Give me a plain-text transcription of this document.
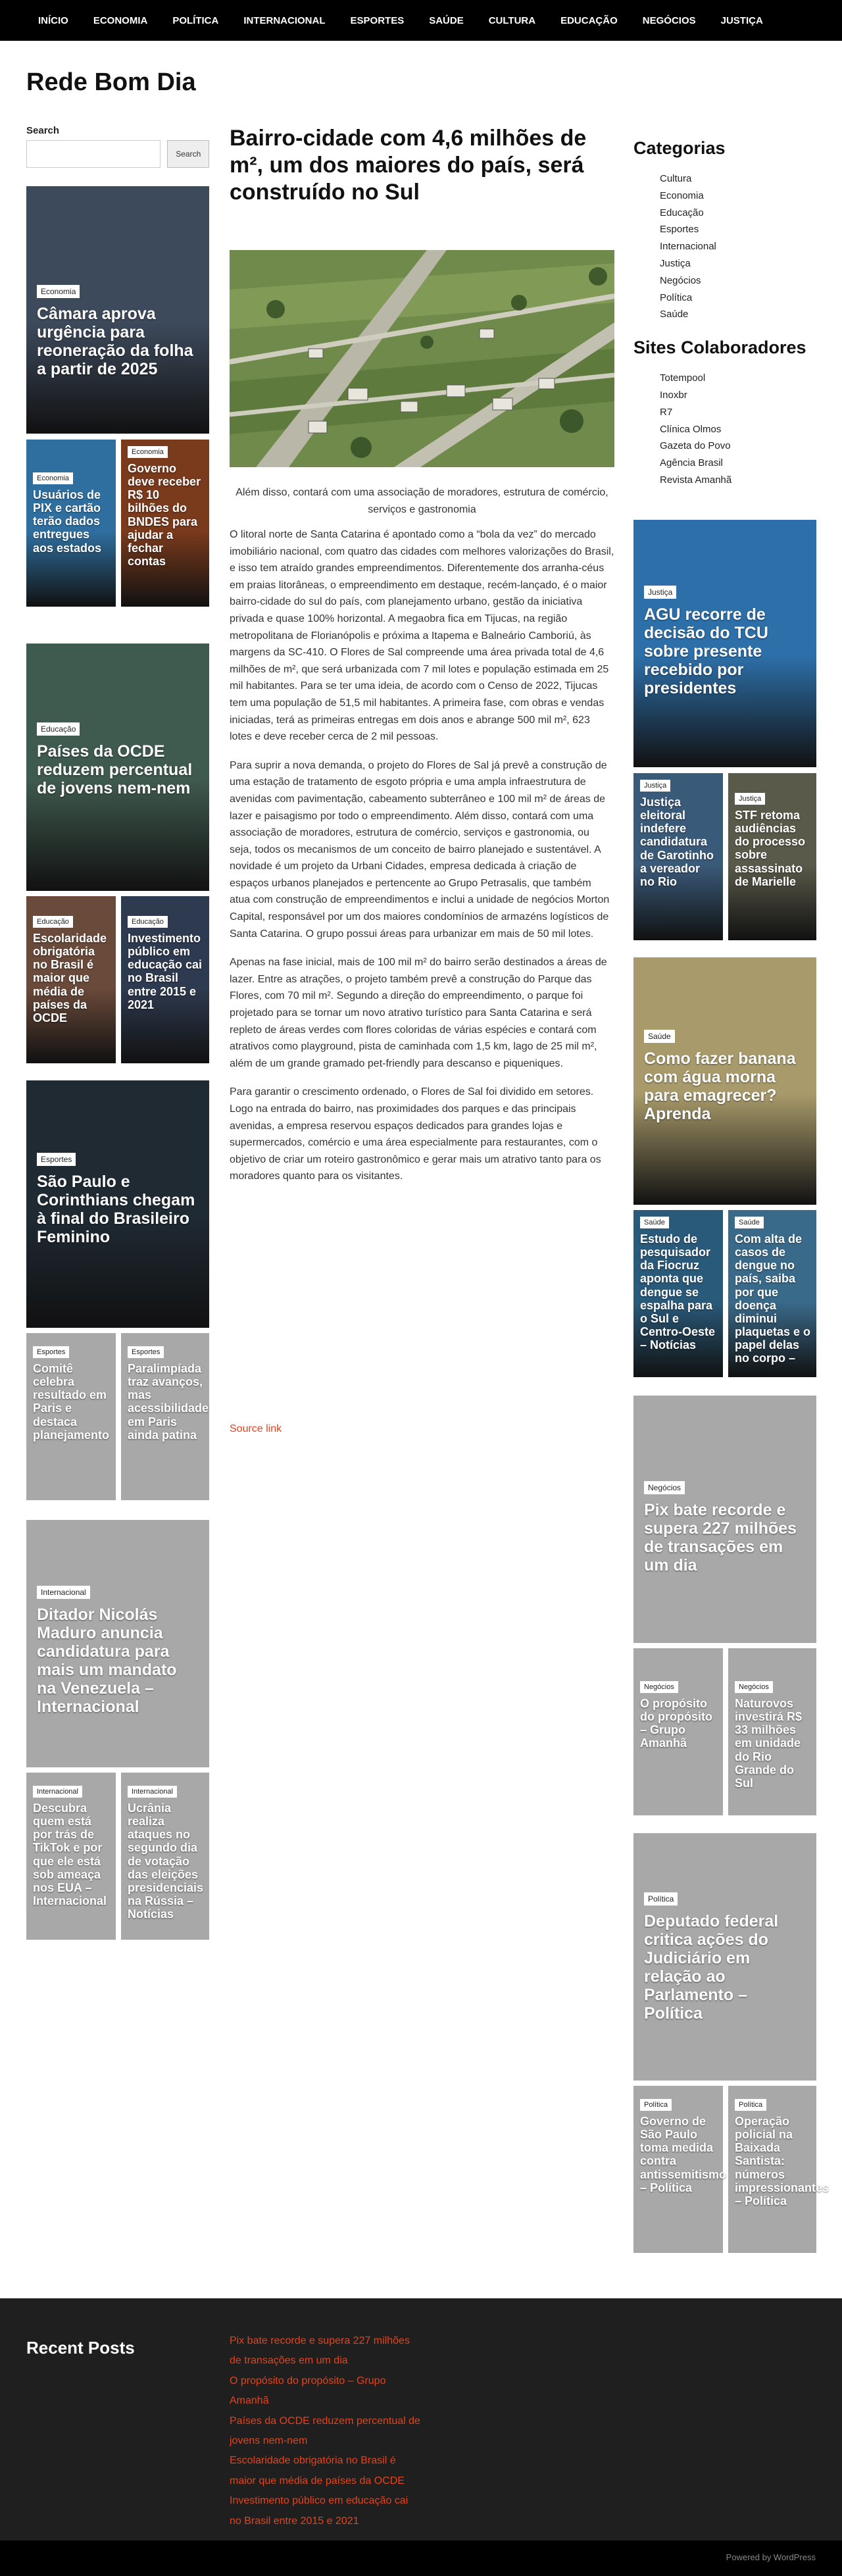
INÍCIO	ECONOMIA	POLÍTICA	INTERNACIONAL	ESPORTES	SAÚDE	CULTURA	EDUCAÇÃO	NEGÓCIOS	JUSTIÇA
Rede Bom Dia
Search
Search
Economia
Câmara aprova urgência para reoneração da folha a partir de 2025
Economia
Usuários de PIX e cartão terão dados entregues aos estados
Economia
Governo deve receber R$ 10 bilhões do BNDES para ajudar a fechar contas
Educação
Países da OCDE reduzem percentual de jovens nem-nem
Educação
Escolaridade obrigatória no Brasil é maior que média de países da OCDE
Educação
Investimento público em educação cai no Brasil entre 2015 e 2021
Esportes
São Paulo e Corinthians chegam à final do Brasileiro Feminino
Esportes
Comitê celebra resultado em Paris e destaca planejamento
Esportes
Paralimpíada traz avanços, mas acessibilidade em Paris ainda patina
Internacional
Ditador Nicolás Maduro anuncia candidatura para mais um mandato na Venezuela – Internacional
Internacional
Descubra quem está por trás de TikTok e por que ele está sob ameaça nos EUA – Internacional
Internacional
Ucrânia realiza ataques no segundo dia de votação das eleições presidenciais na Rússia – Notícias
Bairro-cidade com 4,6 milhões de m², um dos maiores do país, será construído no Sul

Além disso, contará com uma associação de moradores, estrutura de comércio, serviços e gastronomia

O litoral norte de Santa Catarina é apontado como a “bola da vez” do mercado imobiliário nacional, com quatro das cidades com melhores valorizações do Brasil, e isso tem atraído grandes empreendimentos. Diferentemente dos arranha-céus em praias litorâneas, o empreendimento em destaque, recém-lançado, é o maior bairro-cidade do sul do país, com planejamento urbano, gestão da iniciativa privada e quase 100% horizontal. A megaobra fica em Tijucas, na região metropolitana de Florianópolis e próxima a Itapema e Balneário Camboriú, às margens da SC-410. O Flores de Sal compreende uma área privada total de 4,6 milhões de m², que será urbanizada com 7 mil lotes e população estimada em 25 mil habitantes. Para se ter uma ideia, de acordo com o Censo de 2022, Tijucas tem uma população de 51,5 mil habitantes. A primeira fase, com obras e vendas iniciadas, terá as primeiras entregas em dois anos e abrange 500 mil m², 623 lotes e deve receber cerca de 2 mil pessoas.

Para suprir a nova demanda, o projeto do Flores de Sal já prevê a construção de uma estação de tratamento de esgoto própria e uma ampla infraestrutura de avenidas com pavimentação, cabeamento subterrâneo e 100 mil m² de áreas de lazer e paisagismo por todo o empreendimento. Além disso, contará com uma associação de moradores, estrutura de comércio, serviços e gastronomia, ou seja, todos os mecanismos de um conceito de bairro planejado e sustentável. A novidade é um projeto da Urbani Cidades, empresa dedicada à criação de espaços urbanos planejados e pertencente ao Grupo Petrasalis, que também atua com construção de empreendimentos e inclui a unidade de negócios Morton Capital, responsável por um dos maiores condomínios de armazéns logísticos de Santa Catarina. O grupo possui áreas para urbanizar em mais de 50 mil lotes.

Apenas na fase inicial, mais de 100 mil m² do bairro serão destinados a áreas de lazer. Entre as atrações, o projeto também prevê a construção do Parque das Flores, com 70 mil m². Segundo a direção do empreendimento, o parque foi projetado para se tornar um novo atrativo turístico para Santa Catarina e será repleto de áreas verdes com flores coloridas de várias espécies e contará com atrativos como playground, pista de caminhada com 1,5 km, lago de 25 mil m², além de um grande gramado pet-friendly para descanso e piqueniques.

Para garantir o crescimento ordenado, o Flores de Sal foi dividido em setores. Logo na entrada do bairro, nas proximidades dos parques e das principais avenidas, a empresa reservou espaços dedicados para grandes lojas e supermercados, comércio e uma área especialmente para restaurantes, com o objetivo de criar um roteiro gastronômico e gerar mais um atrativo tanto para os moradores quanto para os visitantes.

Source link
Categorias
Cultura
Economia
Educação
Esportes
Internacional
Justiça
Negócios
Política
Saúde
Sites Colaboradores
Totempool
Inoxbr
R7
Clínica Olmos
Gazeta do Povo
Agência Brasil
Revista Amanhã
Justiça
AGU recorre de decisão do TCU sobre presente recebido por presidentes
Justiça
Justiça eleitoral indefere candidatura de Garotinho a vereador no Rio
Justiça
STF retoma audiências do processo sobre assassinato de Marielle
Saúde
Como fazer banana com água morna para emagrecer? Aprenda
Saúde
Estudo de pesquisador da Fiocruz aponta que dengue se espalha para o Sul e Centro-Oeste – Notícias
Saúde
Com alta de casos de dengue no país, saiba por que doença diminui plaquetas e o papel delas no corpo –
Negócios
Pix bate recorde e supera 227 milhões de transações em um dia
Negócios
O propósito do propósito – Grupo Amanhã
Negócios
Naturovos investirá R$ 33 milhões em unidade do Rio Grande do Sul
Política
Deputado federal critica ações do Judiciário em relação ao Parlamento – Política
Política
Governo de São Paulo toma medida contra antissemitismo – Política
Política
Operação policial na Baixada Santista: números impressionantes – Política
Recent Posts	Pix bate recorde e supera 227 milhões de transações em um dia
O propósito do propósito – Grupo Amanhã
Países da OCDE reduzem percentual de jovens nem-nem
Escolaridade obrigatória no Brasil é maior que média de países da OCDE
Investimento público em educação cai no Brasil entre 2015 e 2021
Powered by WordPress
